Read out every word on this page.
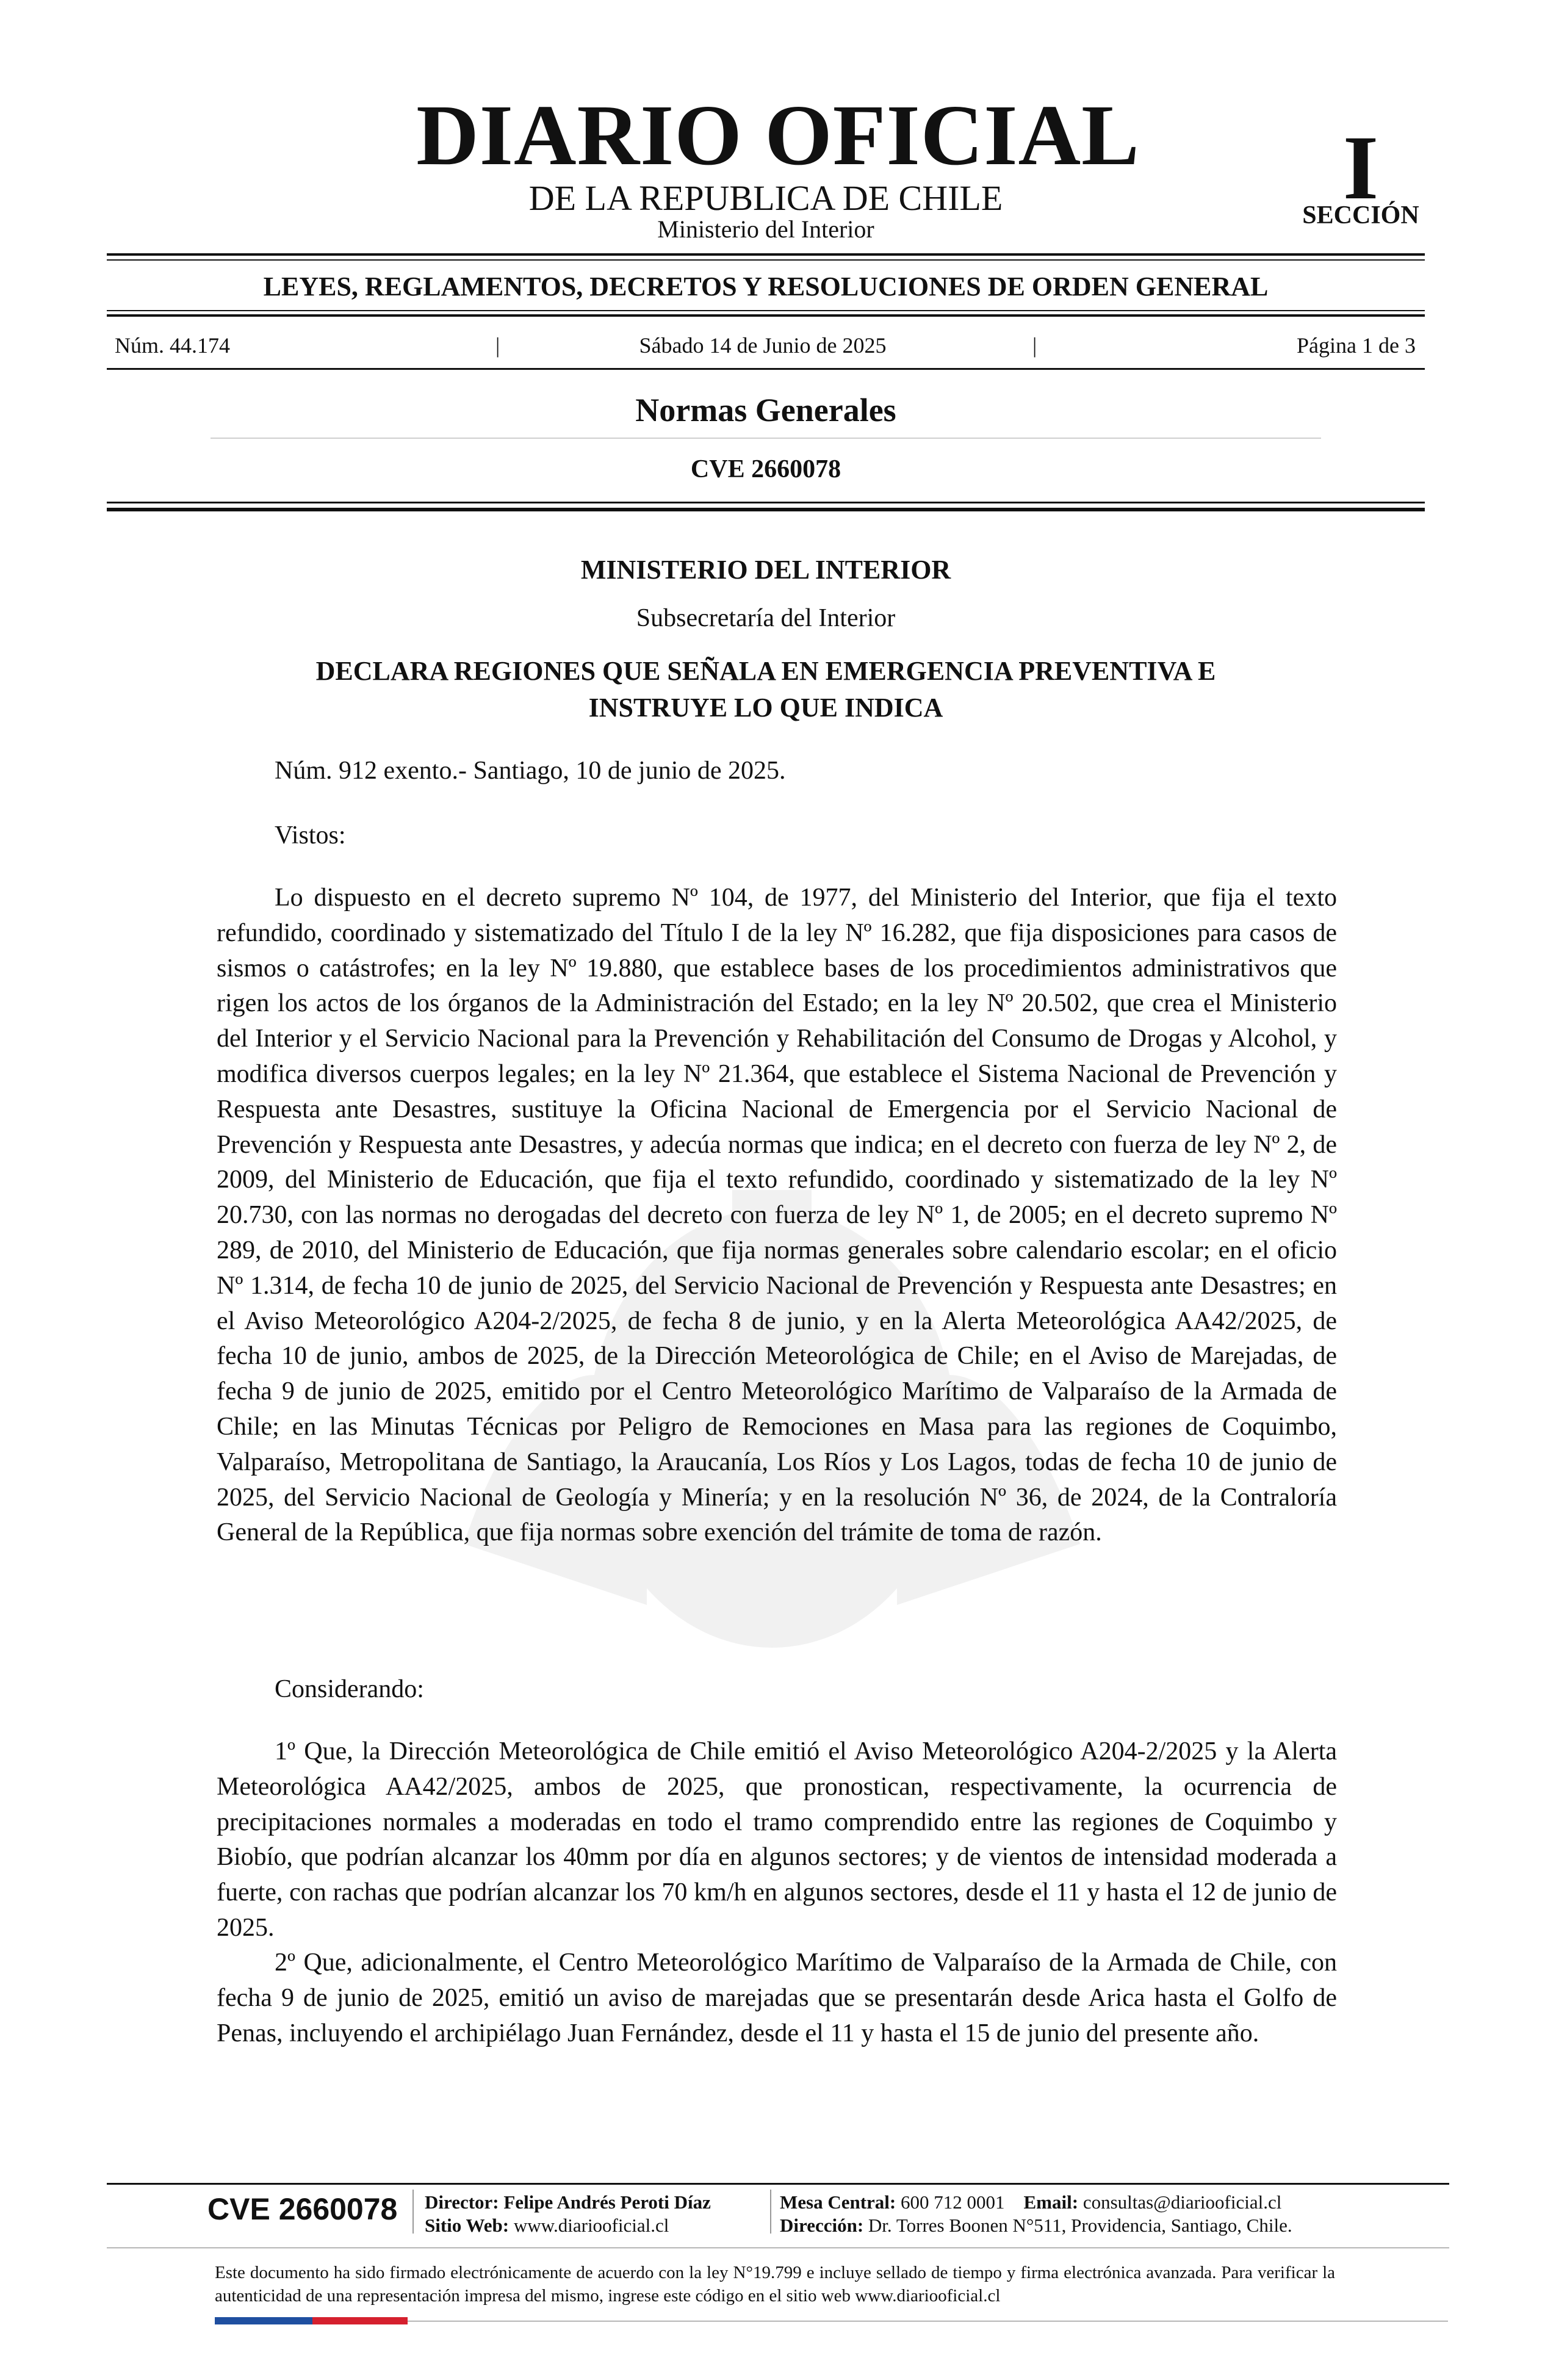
DIARIO OFICIAL
DE LA REPUBLICA DE CHILE
Ministerio del Interior
I
SECCIÓN
LEYES, REGLAMENTOS, DECRETOS Y RESOLUCIONES DE ORDEN GENERAL
Núm. 44.174	|	Sábado 14 de Junio de 2025	|	Página 1 de 3
Normas Generales
CVE 2660078
MINISTERIO DEL INTERIOR
Subsecretaría del Interior
DECLARA REGIONES QUE SEÑALA EN EMERGENCIA PREVENTIVA E
INSTRUYE LO QUE INDICA
Núm. 912 exento.- Santiago, 10 de junio de 2025.
Vistos:
Lo dispuesto en el decreto supremo Nº 104, de 1977, del Ministerio del Interior, que fija el texto refundido, coordinado y sistematizado del Título I de la ley Nº 16.282, que fija disposiciones para casos de sismos o catástrofes; en la ley Nº 19.880, que establece bases de los procedimientos administrativos que rigen los actos de los órganos de la Administración del Estado; en la ley Nº 20.502, que crea el Ministerio del Interior y el Servicio Nacional para la Prevención y Rehabilitación del Consumo de Drogas y Alcohol, y modifica diversos cuerpos legales; en la ley Nº 21.364, que establece el Sistema Nacional de Prevención y Respuesta ante Desastres, sustituye la Oficina Nacional de Emergencia por el Servicio Nacional de Prevención y Respuesta ante Desastres, y adecúa normas que indica; en el decreto con fuerza de ley Nº 2, de 2009, del Ministerio de Educación, que fija el texto refundido, coordinado y sistematizado de la ley Nº 20.730, con las normas no derogadas del decreto con fuerza de ley Nº 1, de 2005; en el decreto supremo Nº 289, de 2010, del Ministerio de Educación, que fija normas generales sobre calendario escolar; en el oficio Nº 1.314, de fecha 10 de junio de 2025, del Servicio Nacional de Prevención y Respuesta ante Desastres; en el Aviso Meteorológico A204-2/2025, de fecha 8 de junio, y en la Alerta Meteorológica AA42/2025, de fecha 10 de junio, ambos de 2025, de la Dirección Meteorológica de Chile; en el Aviso de Marejadas, de fecha 9 de junio de 2025, emitido por el Centro Meteorológico Marítimo de Valparaíso de la Armada de Chile; en las Minutas Técnicas por Peligro de Remociones en Masa para las regiones de Coquimbo, Valparaíso, Metropolitana de Santiago, la Araucanía, Los Ríos y Los Lagos, todas de fecha 10 de junio de 2025, del Servicio Nacional de Geología y Minería; y en la resolución Nº 36, de 2024, de la Contraloría General de la República, que fija normas sobre exención del trámite de toma de razón.
Considerando:
1º Que, la Dirección Meteorológica de Chile emitió el Aviso Meteorológico A204-2/2025 y la Alerta Meteorológica AA42/2025, ambos de 2025, que pronostican, respectivamente, la ocurrencia de precipitaciones normales a moderadas en todo el tramo comprendido entre las regiones de Coquimbo y Biobío, que podrían alcanzar los 40mm por día en algunos sectores; y de vientos de intensidad moderada a fuerte, con rachas que podrían alcanzar los 70 km/h en algunos sectores, desde el 11 y hasta el 12 de junio de 2025.
2º Que, adicionalmente, el Centro Meteorológico Marítimo de Valparaíso de la Armada de Chile, con fecha 9 de junio de 2025, emitió un aviso de marejadas que se presentarán desde Arica hasta el Golfo de Penas, incluyendo el archipiélago Juan Fernández, desde el 11 y hasta el 15 de junio del presente año.
CVE 2660078	Director: Felipe Andrés Peroti Díaz
Sitio Web: www.diariooficial.cl
Mesa Central: 600 712 0001 Email: consultas@diariooficial.cl
Dirección: Dr. Torres Boonen N°511, Providencia, Santiago, Chile.
Este documento ha sido firmado electrónicamente de acuerdo con la ley N°19.799 e incluye sellado de tiempo y firma electrónica avanzada. Para verificar la autenticidad de una representación impresa del mismo, ingrese este código en el sitio web www.diariooficial.cl
